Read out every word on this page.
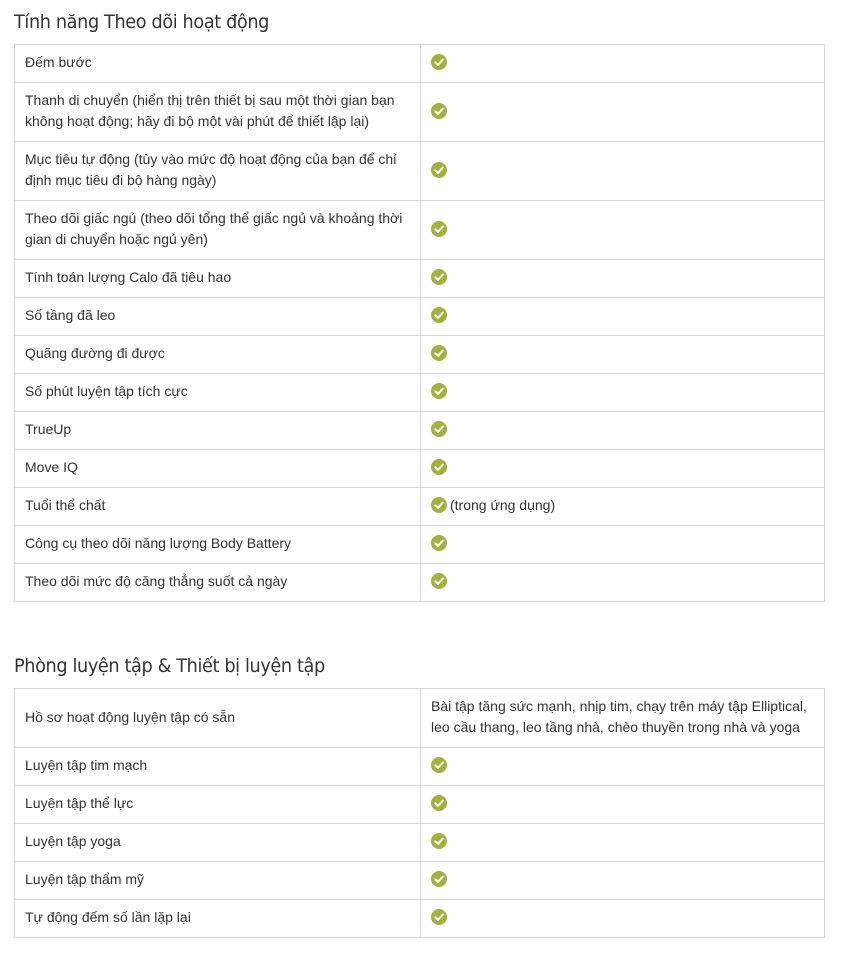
Tính năng Theo dõi hoạt động
Đếm bước	
Thanh di chuyển (hiển thị trên thiết bị sau một thời gian bạn không hoạt động; hãy đi bộ một vài phút để thiết lập lại)	
Mục tiêu tự động (tùy vào mức độ hoạt động của bạn để chỉ định mục tiêu đi bộ hàng ngày)	
Theo dõi giấc ngủ (theo dõi tổng thể giấc ngủ và khoảng thời gian di chuyển hoặc ngủ yên)	
Tính toán lượng Calo đã tiêu hao	
Số tầng đã leo	
Quãng đường đi được	
Số phút luyện tập tích cực	
TrueUp	
Move IQ	
Tuổi thể chất	(trong ứng dụng)
Công cụ theo dõi năng lượng Body Battery	
Theo dõi mức độ căng thẳng suốt cả ngày	
Phòng luyện tập & Thiết bị luyện tập
Hồ sơ hoạt động luyện tập có sẵn	Bài tập tăng sức mạnh, nhịp tim, chạy trên máy tập Elliptical, leo cầu thang, leo tầng nhà, chèo thuyền trong nhà và yoga
Luyện tập tim mạch	
Luyện tập thể lực	
Luyện tập yoga	
Luyện tập thẩm mỹ	
Tự động đếm số lần lặp lại	
